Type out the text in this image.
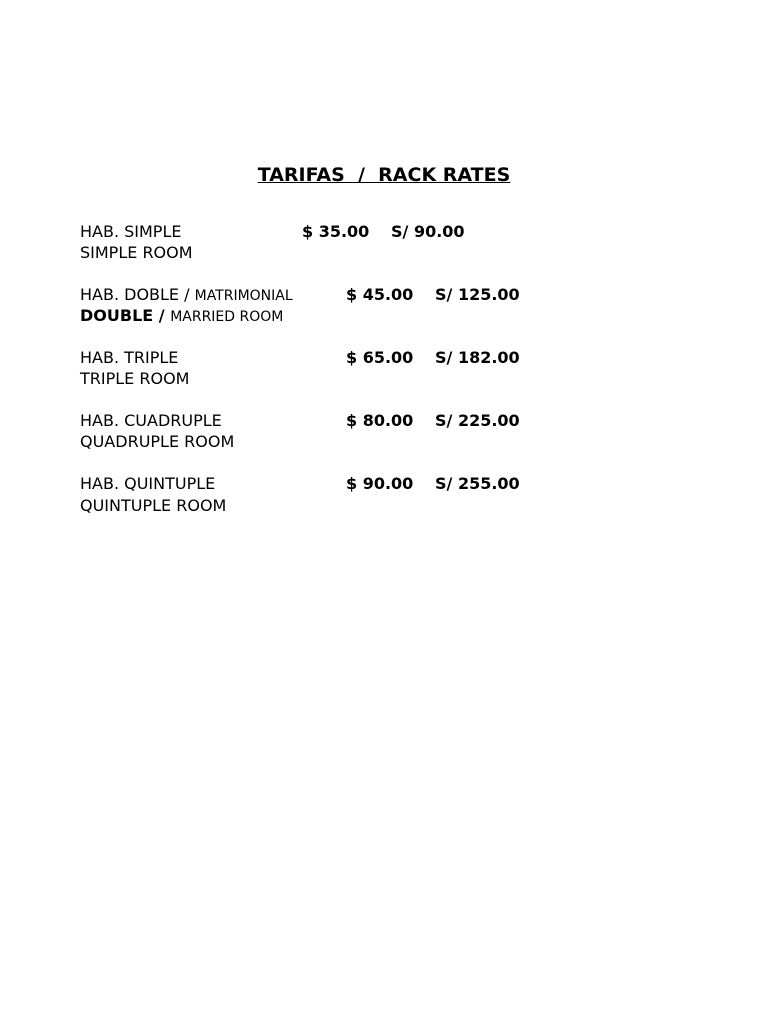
TARIFAS  /  RACK RATES
HAB. SIMPLE
SIMPLE ROOM
$ 35.00 S/ 90.00
HAB. DOBLE / MATRIMONIAL
DOUBLE / MARRIED ROOM
$ 45.00 S/ 125.00
HAB. TRIPLE
TRIPLE ROOM
$ 65.00 S/ 182.00
HAB. CUADRUPLE
QUADRUPLE ROOM
$ 80.00 S/ 225.00
HAB. QUINTUPLE
QUINTUPLE ROOM
$ 90.00 S/ 255.00
